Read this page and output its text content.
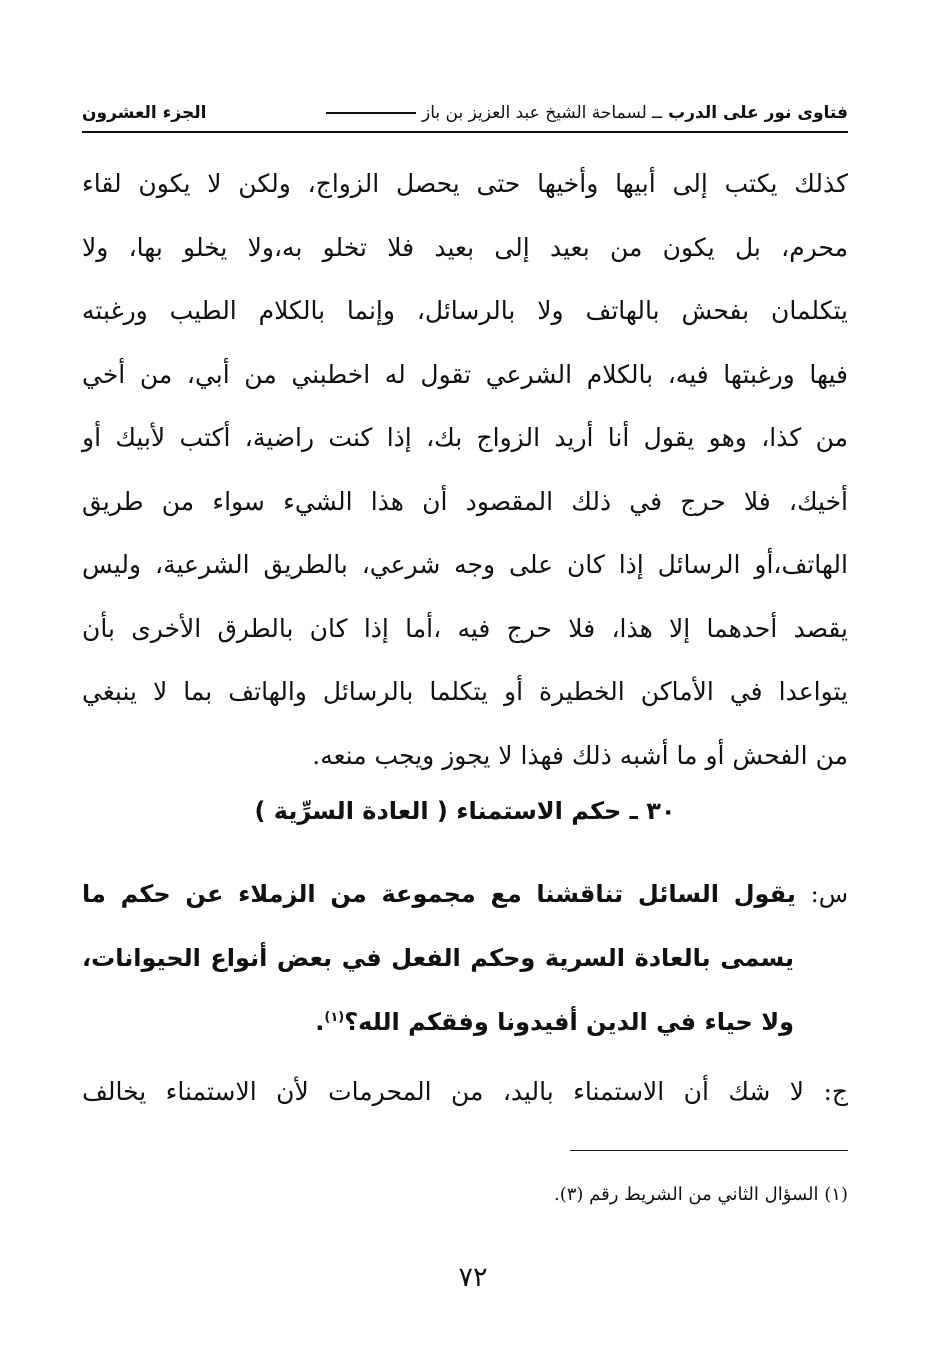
فتاوى نور على الدرب
ــ لسماحة الشيخ عبد العزيز بن باز
الجزء العشرون
كذلك يكتب إلى أبيها وأخيها حتى يحصل الزواج، ولكن لا يكون لقاء
محرم، بل يكون من بعيد إلى بعيد فلا تخلو به،ولا يخلو بها، ولا
يتكلمان بفحش بالهاتف ولا بالرسائل، وإنما بالكلام الطيب ورغبته
فيها ورغبتها فيه، بالكلام الشرعي تقول له اخطبني من أبي، من أخي
من كذا، وهو يقول أنا أريد الزواج بك، إذا كنت راضية، أكتب لأبيك أو
أخيك، فلا حرج في ذلك المقصود أن هذا الشيء سواء من طريق
الهاتف،أو الرسائل إذا كان على وجه شرعي، بالطريق الشرعية، وليس
يقصد أحدهما إلا هذا، فلا حرج فيه ،أما إذا كان بالطرق الأخرى بأن
يتواعدا في الأماكن الخطيرة أو يتكلما بالرسائل والهاتف بما لا ينبغي
من الفحش أو ما أشبه ذلك فهذا لا يجوز ويجب منعه.
٣٠ ـ حكم الاستمناء ( العادة السرِّية )
س: يقول السائل تناقشنا مع مجموعة من الزملاء عن حكم ما
يسمى بالعادة السرية وحكم الفعل في بعض أنواع الحيوانات،
ولا حياء في الدين أفيدونا وفقكم الله؟$^{(١)}$.
ج: لا شك أن الاستمناء باليد، من المحرمات لأن الاستمناء يخالف
(١) السؤال الثاني من الشريط رقم (٣).
٧٢
